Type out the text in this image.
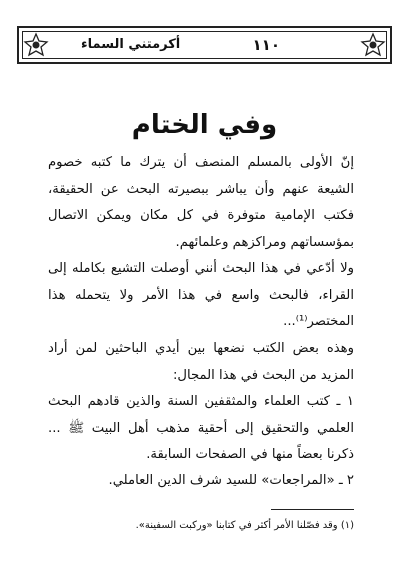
١١٠
أكرمتني السماء
وفي الختام

إنّ الأولى بالمسلم المنصف أن يترك ما كتبه خصوم الشيعة عنهم وأن يباشر ببصيرته البحث عن الحقيقة، فكتب الإمامية متوفرة في كل مكان ويمكن الاتصال بمؤسساتهم ومراكزهم وعلمائهم.

ولا أدّعي في هذا البحث أنني أوصلت التشيع بكامله إلى القراء، فالبحث واسع في هذا الأمر ولا يتحمله هذا المختصر⁽¹⁾...

وهذه بعض الكتب نضعها بين أيدي الباحثين لمن أراد المزيد من البحث في هذا المجال:

١ ـ كتب العلماء والمثقفين السنة والذين قادهم البحث العلمي والتحقيق إلى أحقية مذهب أهل البيت ﷺ ... ذكرنا بعضاً منها في الصفحات السابقة.

٢ ـ «المراجعات» للسيد شرف الدين العاملي.

(١) وقد فصّلنا الأمر أكثر في كتابنا «وركبت السفينة».
